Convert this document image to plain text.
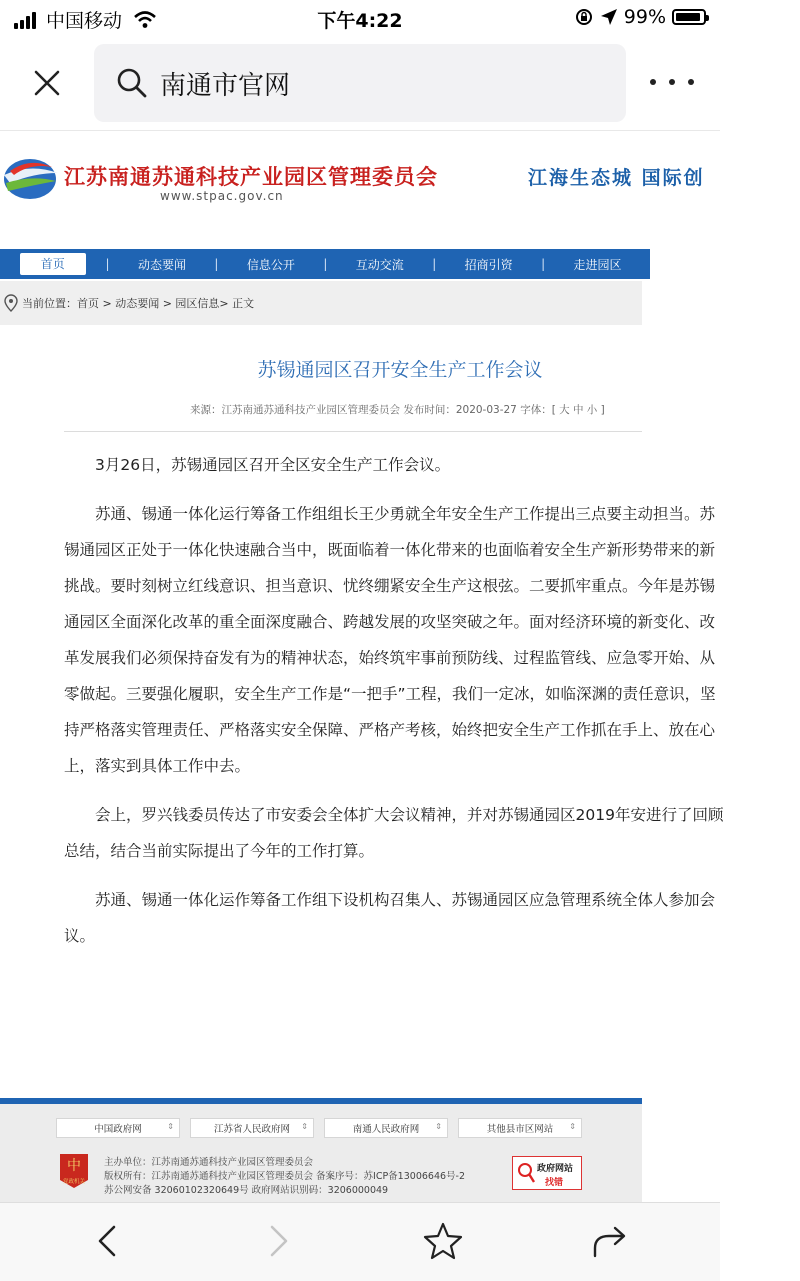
中国移动	下午4:22	99%
南通市官网
江苏南通苏通科技产业园区管理委员会
www.stpac.gov.cn
江海生态城 国际创
首页	|	动态要闻	|	信息公开	|	互动交流	|	招商引资	|	走进园区
当前位置：首页 > 动态要闻 > 园区信息> 正文
苏锡通园区召开安全生产工作会议
来源：江苏南通苏通科技产业园区管理委员会 发布时间：2020-03-27 字体：[ 大 中 小 ]

3月26日，苏锡通园区召开全区安全生产工作会议。

苏通、锡通一体化运行筹备工作组组长王少勇就全年安全生产工作提出三点要主动担当。苏锡通园区正处于一体化快速融合当中，既面临着一体化带来的也面临着安全生产新形势带来的新挑战。要时刻树立红线意识、担当意识、忧终绷紧安全生产这根弦。二要抓牢重点。今年是苏锡通园区全面深化改革的重全面深度融合、跨越发展的攻坚突破之年。面对经济环境的新变化、改革发展我们必须保持奋发有为的精神状态，始终筑牢事前预防线、过程监管线、应急零开始、从零做起。三要强化履职，安全生产工作是“一把手”工程，我们一定冰，如临深渊的责任意识，坚持严格落实管理责任、严格落实安全保障、严格产考核，始终把安全生产工作抓在手上、放在心上，落实到具体工作中去。

会上，罗兴钱委员传达了市安委会全体扩大会议精神，并对苏锡通园区2019年安进行了回顾总结，结合当前实际提出了今年的工作打算。

苏通、锡通一体化运作筹备工作组下设机构召集人、苏锡通园区应急管理系统全体人参加会议。

中国政府网	⇕	江苏省人民政府网 ⇕	南通人民政府网 ⇕	其他县市区网站 ⇕
中
党政机关
主办单位：江苏南通苏通科技产业园区管理委员会
版权所有：江苏南通苏通科技产业园区管理委员会 备案序号：苏ICP备13006646号-2
苏公网安备 32060102320649号 政府网站识别码：3206000049
政府网站
找错
